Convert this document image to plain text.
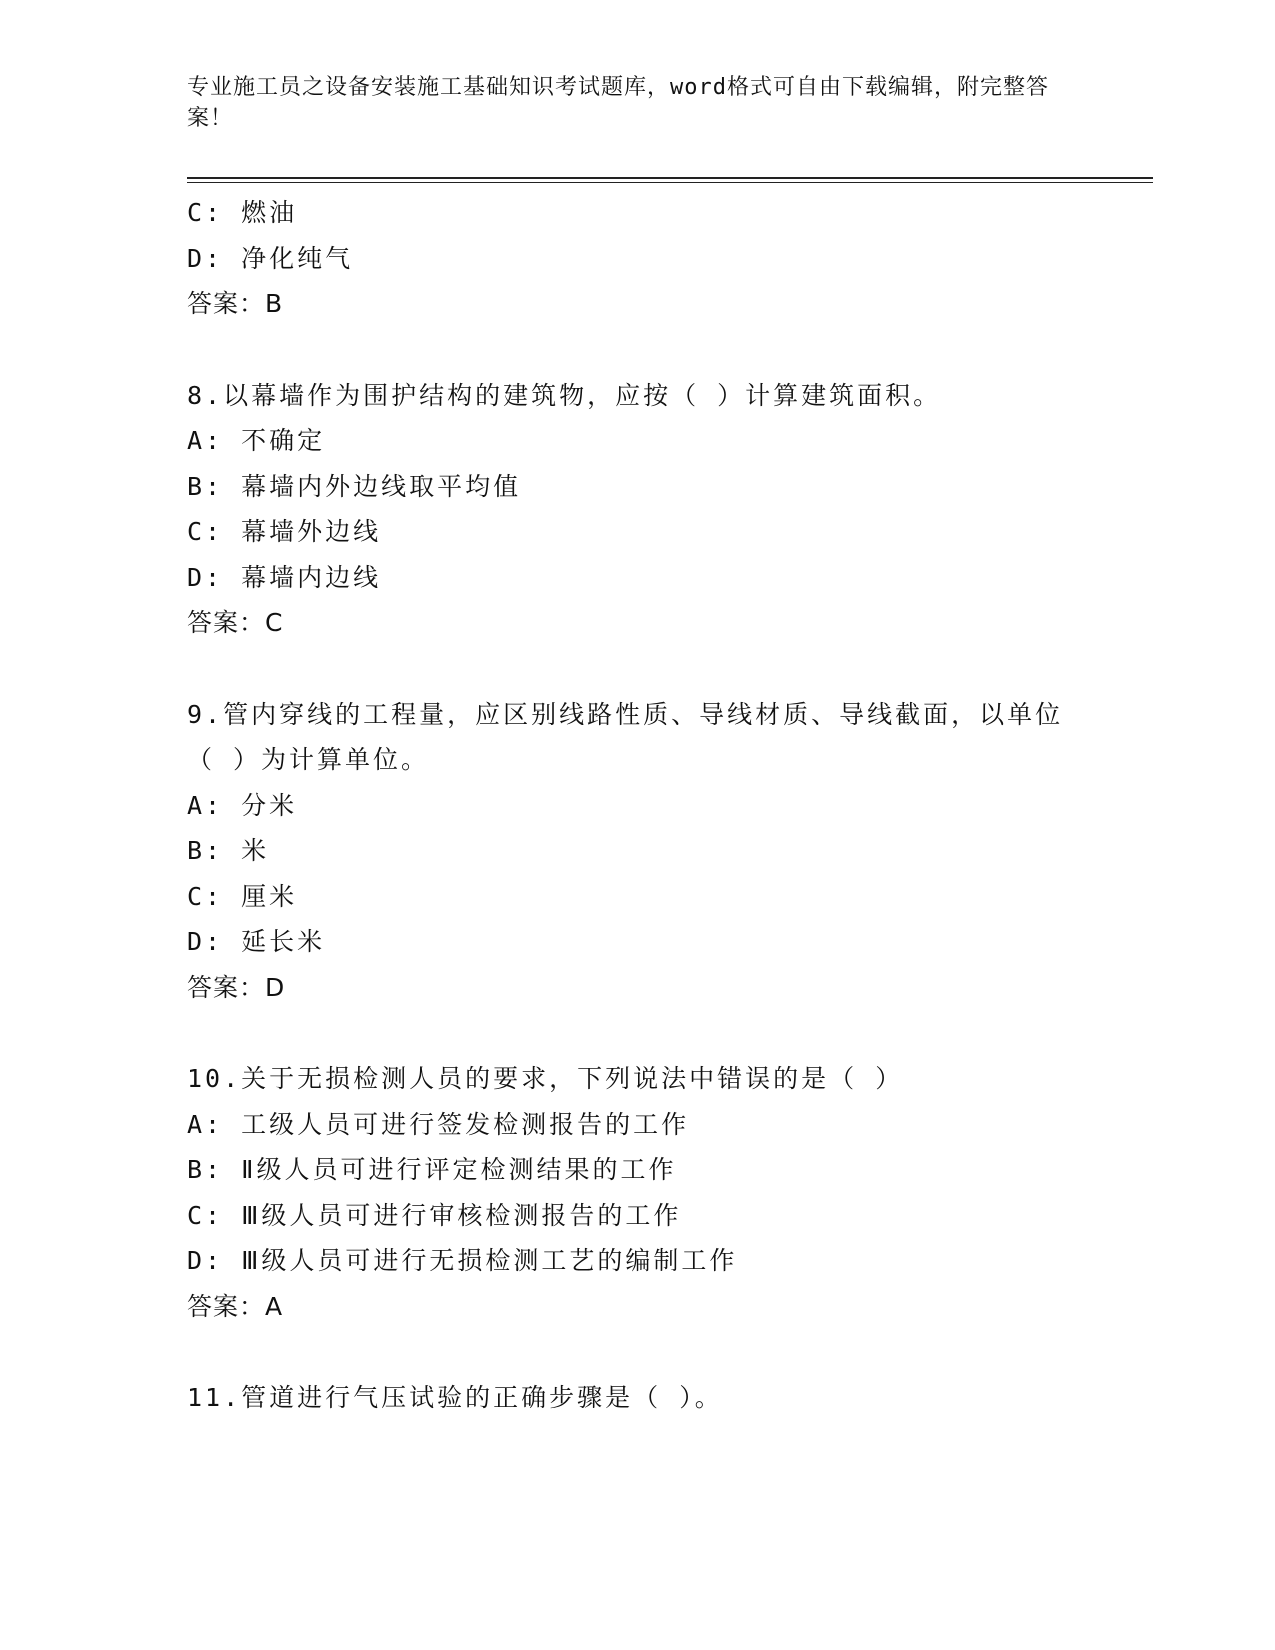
专业施工员之设备安装施工基础知识考试题库，word格式可自由下载编辑，附完整答案！
C: 燃油
D: 净化纯气
答案：B
8.以幕墙作为围护结构的建筑物，应按（ ）计算建筑面积。
A: 不确定
B: 幕墙内外边线取平均值
C: 幕墙外边线
D: 幕墙内边线
答案：C
9.管内穿线的工程量，应区别线路性质、导线材质、导线截面，以单位（ ）为计算单位。
A: 分米
B: 米
C: 厘米
D: 延长米
答案：D
10.关于无损检测人员的要求，下列说法中错误的是（ ）
A: 工级人员可进行签发检测报告的工作
B: Ⅱ级人员可进行评定检测结果的工作
C: Ⅲ级人员可进行审核检测报告的工作
D: Ⅲ级人员可进行无损检测工艺的编制工作
答案：A
11.管道进行气压试验的正确步骤是（ ）。
